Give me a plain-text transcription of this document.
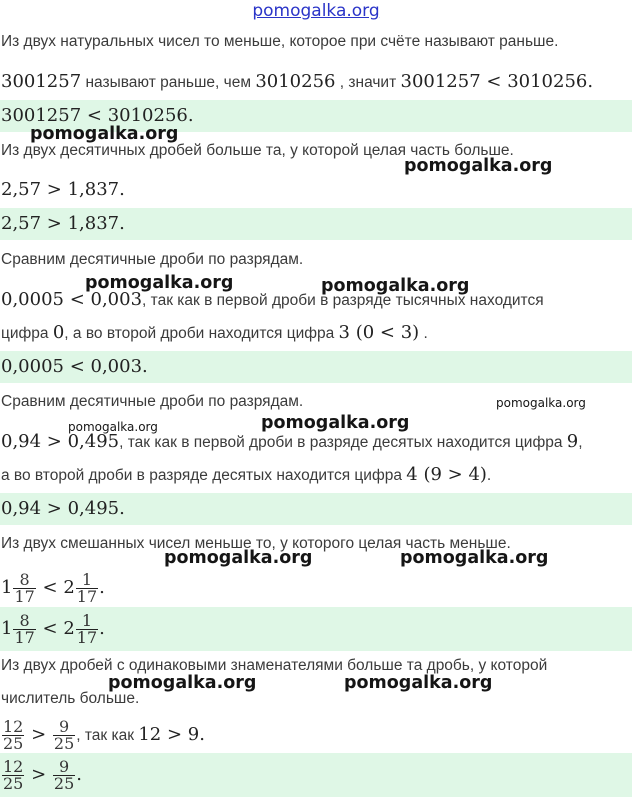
pomogalka.org
Из двух натуральных чисел то меньше, которое при счёте называют раньше.
3001257 называют раньше, чем 3010256 , значит 3001257 < 3010256.
3001257 < 3010256.
Из двух десятичных дробей больше та, у которой целая часть больше.
2,57 > 1,837.
2,57 > 1,837.
Сравним десятичные дроби по разрядам.
0,0005 < 0,003, так как в первой дроби в разряде тысячных находится
цифра 0, а во второй дроби находится цифра 3 (0 < 3) .
0,0005 < 0,003.
Сравним десятичные дроби по разрядам.
0,94 > 0,495, так как в первой дроби в разряде десятых находится цифра 9,
а во второй дроби в разряде десятых находится цифра 4 (9 > 4).
0,94 > 0,495.
Из двух смешанных чисел меньше то, у которого целая часть меньше.
$1 \frac{8}{17} < 2 \frac{1}{17}$ .
$1 \frac{8}{17} < 2 \frac{1}{17}$ .
Из двух дробей с одинаковыми знаменателями больше та дробь, у которой
числитель больше.
$\frac{12}{25} > \frac{9}{25}$ , так как 12 > 9.
$\frac{12}{25} > \frac{9}{25}$ .
pomogalka.org
pomogalka.org
pomogalka.org	pomogalka.org
pomogalka.org
pomogalka.org
pomogalka.org
pomogalka.org	pomogalka.org
pomogalka.org	pomogalka.org
